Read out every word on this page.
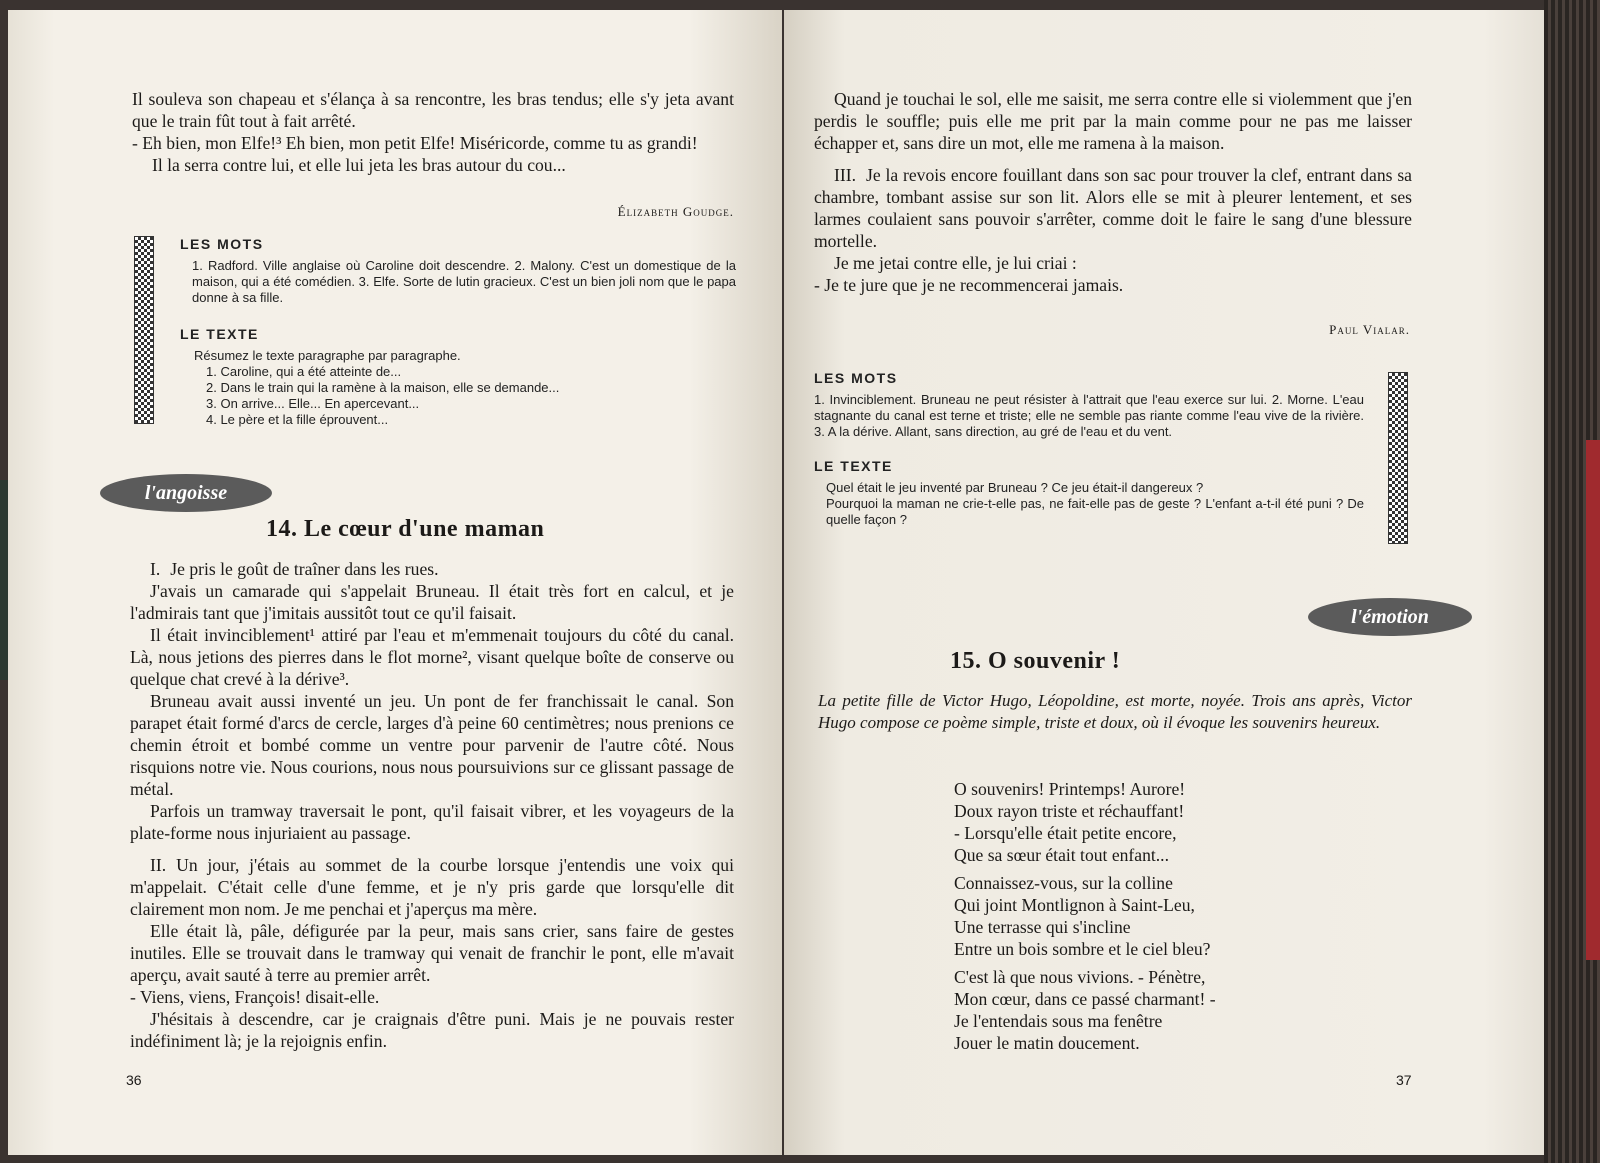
Il souleva son chapeau et s'élança à sa rencontre, les bras tendus; elle s'y jeta avant que le train fût tout à fait arrêté.

- Eh bien, mon Elfe!³ Eh bien, mon petit Elfe! Miséricorde, comme tu as grandi!

Il la serra contre lui, et elle lui jeta les bras autour du cou...

Élizabeth Goudge.
LES MOTS
1. Radford. Ville anglaise où Caroline doit descendre. 2. Malony. C'est un domestique de la maison, qui a été comédien. 3. Elfe. Sorte de lutin gracieux. C'est un bien joli nom que le papa donne à sa fille.
LE TEXTE
Résumez le texte paragraphe par paragraphe.
1. Caroline, qui a été atteinte de...
2. Dans le train qui la ramène à la maison, elle se demande...
3. On arrive... Elle... En apercevant...
4. Le père et la fille éprouvent...
l'angoisse
14. Le cœur d'une maman

I. Je pris le goût de traîner dans les rues.

J'avais un camarade qui s'appelait Bruneau. Il était très fort en calcul, et je l'admirais tant que j'imitais aussitôt tout ce qu'il faisait.

Il était invinciblement¹ attiré par l'eau et m'emmenait toujours du côté du canal. Là, nous jetions des pierres dans le flot morne², visant quelque boîte de conserve ou quelque chat crevé à la dérive³.

Bruneau avait aussi inventé un jeu. Un pont de fer franchissait le canal. Son parapet était formé d'arcs de cercle, larges d'à peine 60 centimètres; nous prenions ce chemin étroit et bombé comme un ventre pour parvenir de l'autre côté. Nous risquions notre vie. Nous courions, nous nous poursuivions sur ce glissant passage de métal.

Parfois un tramway traversait le pont, qu'il faisait vibrer, et les voyageurs de la plate-forme nous injuriaient au passage.

II. Un jour, j'étais au sommet de la courbe lorsque j'entendis une voix qui m'appelait. C'était celle d'une femme, et je n'y pris garde que lorsqu'elle dit clairement mon nom. Je me penchai et j'aperçus ma mère.

Elle était là, pâle, défigurée par la peur, mais sans crier, sans faire de gestes inutiles. Elle se trouvait dans le tramway qui venait de franchir le pont, elle m'avait aperçu, avait sauté à terre au premier arrêt.

- Viens, viens, François! disait-elle.

J'hésitais à descendre, car je craignais d'être puni. Mais je ne pouvais rester indéfiniment là; je la rejoignis enfin.

36

Quand je touchai le sol, elle me saisit, me serra contre elle si violemment que j'en perdis le souffle; puis elle me prit par la main comme pour ne pas me laisser échapper et, sans dire un mot, elle me ramena à la maison.

III. Je la revois encore fouillant dans son sac pour trouver la clef, entrant dans sa chambre, tombant assise sur son lit. Alors elle se mit à pleurer lentement, et ses larmes coulaient sans pouvoir s'arrêter, comme doit le faire le sang d'une blessure mortelle.

Je me jetai contre elle, je lui criai :

- Je te jure que je ne recommencerai jamais.

Paul Vialar.
LES MOTS
1. Invinciblement. Bruneau ne peut résister à l'attrait que l'eau exerce sur lui. 2. Morne. L'eau stagnante du canal est terne et triste; elle ne semble pas riante comme l'eau vive de la rivière. 3. A la dérive. Allant, sans direction, au gré de l'eau et du vent.
LE TEXTE
Quel était le jeu inventé par Bruneau ? Ce jeu était-il dangereux ?
Pourquoi la maman ne crie-t-elle pas, ne fait-elle pas de geste ? L'enfant a-t-il été puni ? De quelle façon ?
l'émotion
15. O souvenir !
La petite fille de Victor Hugo, Léopoldine, est morte, noyée. Trois ans après, Victor Hugo compose ce poème simple, triste et doux, où il évoque les souvenirs heureux.
O souvenirs! Printemps! Aurore!
Doux rayon triste et réchauffant!
- Lorsqu'elle était petite encore,
Que sa sœur était tout enfant...
Connaissez-vous, sur la colline
Qui joint Montlignon à Saint-Leu,
Une terrasse qui s'incline
Entre un bois sombre et le ciel bleu?
C'est là que nous vivions. - Pénètre,
Mon cœur, dans ce passé charmant! -
Je l'entendais sous ma fenêtre
Jouer le matin doucement.
37
